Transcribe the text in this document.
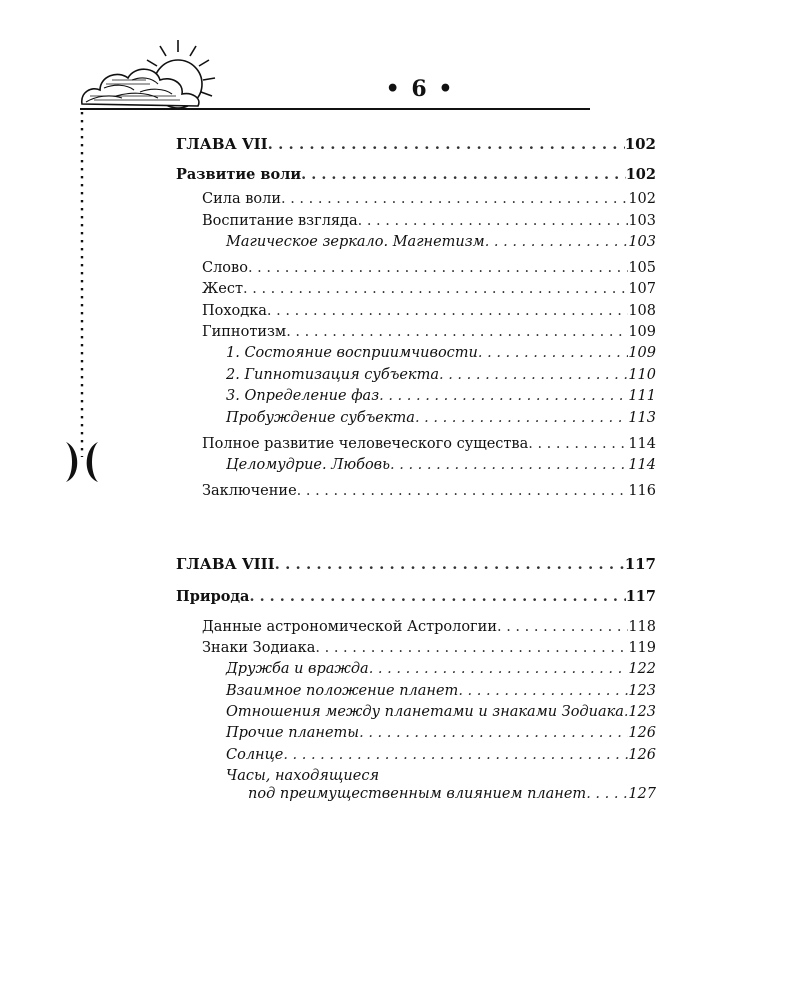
• 6 •
ГЛАВА VII . . .	102
Развитие воли . . .	102
Сила воли . . .	102
Воспитание взгляда . . .	103
Магическое зеркало. Магнетизм . . .	103
Слово . . .	105
Жест . . .	107
Походка . . .	108
Гипнотизм . . .	109
1. Состояние восприимчивости . . .	109
2. Гипнотизация субъекта . . .	110
3. Определение фаз . . .	111
Пробуждение субъекта . . .	113
Полное развитие человеческого существа . . .	114
Целомудрие. Любовь . . .	114
Заключение . . .	116
ГЛАВА VIII . . .	117
Природа . . .	117
Данные астрономической Астрологии . . .	118
Знаки Зодиака . . .	119
Дружба и вражда . . .	122
Взаимное положение планет . . .	123
Отношения между планетами и знаками Зодиака . . . 123
Прочие планеты . . .	126
Солнце . . .	126
Часы, находящиеся
под преимущественным влиянием планет . . .	127
